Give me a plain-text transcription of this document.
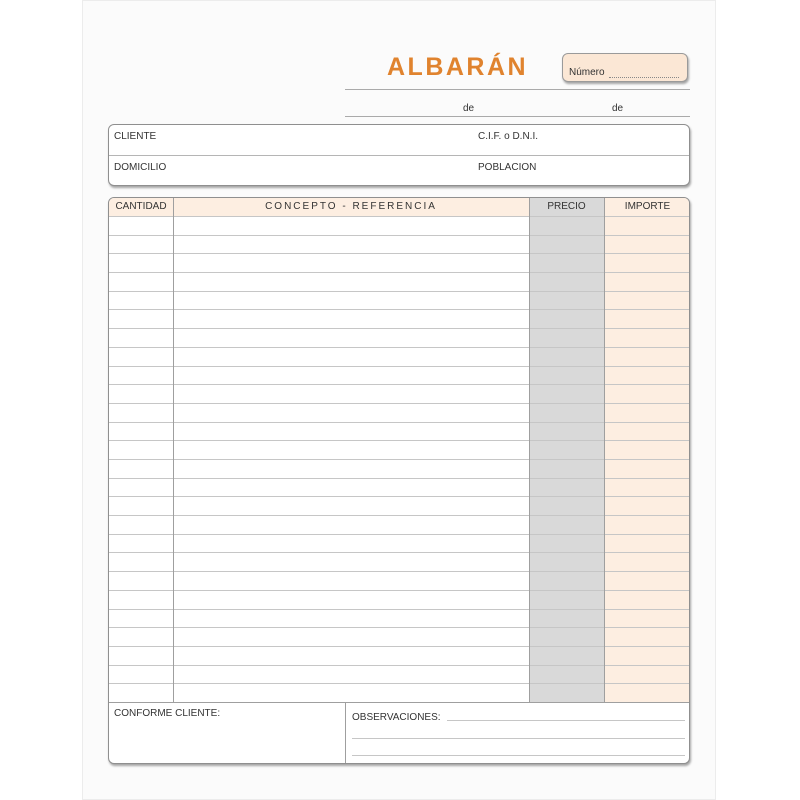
ALBARÁN	Número
de	de
CLIENTE	C.I.F. o D.N.I.
DOMICILIO	POBLACION
CANTIDAD	CONCEPTO - REFERENCIA	PRECIO	IMPORTE
CONFORME CLIENTE:	OBSERVACIONES:
